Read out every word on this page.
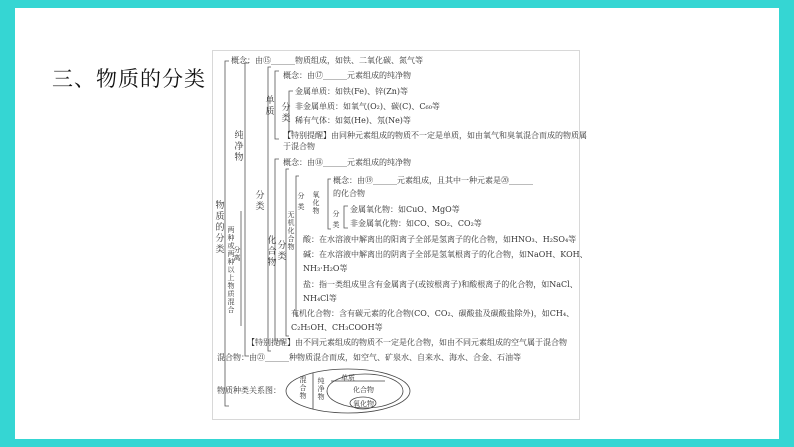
三、物质的分类
物质的分类
两种或两种以上物质混合
分离
纯净物
分类
单质 分类
化合物
分类
无机化合物
分类
氧化物 分类
概念：由⑮______物质组成，如铁、二氧化碳、氮气等
概念：由⑰______元素组成的纯净物
金属单质：如铁(Fe)、锌(Zn)等
非金属单质：如氧气(O₂)、碳(C)、C₆₀等
稀有气体：如氦(He)、氖(Ne)等
【特别提醒】由同种元素组成的物质不一定是单质，如由氧气和臭氧混合而成的物质属
于混合物
概念：由⑱______元素组成的纯净物
概念：由⑲______元素组成，且其中一种元素是⑳______
的化合物
金属氧化物：如CuO、MgO等
非金属氧化物：如CO、SO₂、CO₂等
酸：在水溶液中解离出的阳离子全部是氢离子的化合物，如HNO₃、H₂SO₄等
碱：在水溶液中解离出的阴离子全部是氢氧根离子的化合物，如NaOH、KOH、
NH₃·H₂O等
盐：指一类组成里含有金属离子(或铵根离子)和酸根离子的化合物，如NaCl、
NH₄Cl等
有机化合物：含有碳元素的化合物(CO、CO₂、碳酸盐及碳酸盐除外)，如CH₄、
C₂H₅OH、CH₃COOH等
【特别提醒】由不同元素组成的物质不一定是化合物，如由不同元素组成的空气属于混合物
混合物：由㉑______种物质混合而成，如空气、矿泉水、自来水、海水、合金、石油等
物质种类关系图：
混合物
纯净物
单质
化合物
氧化物
